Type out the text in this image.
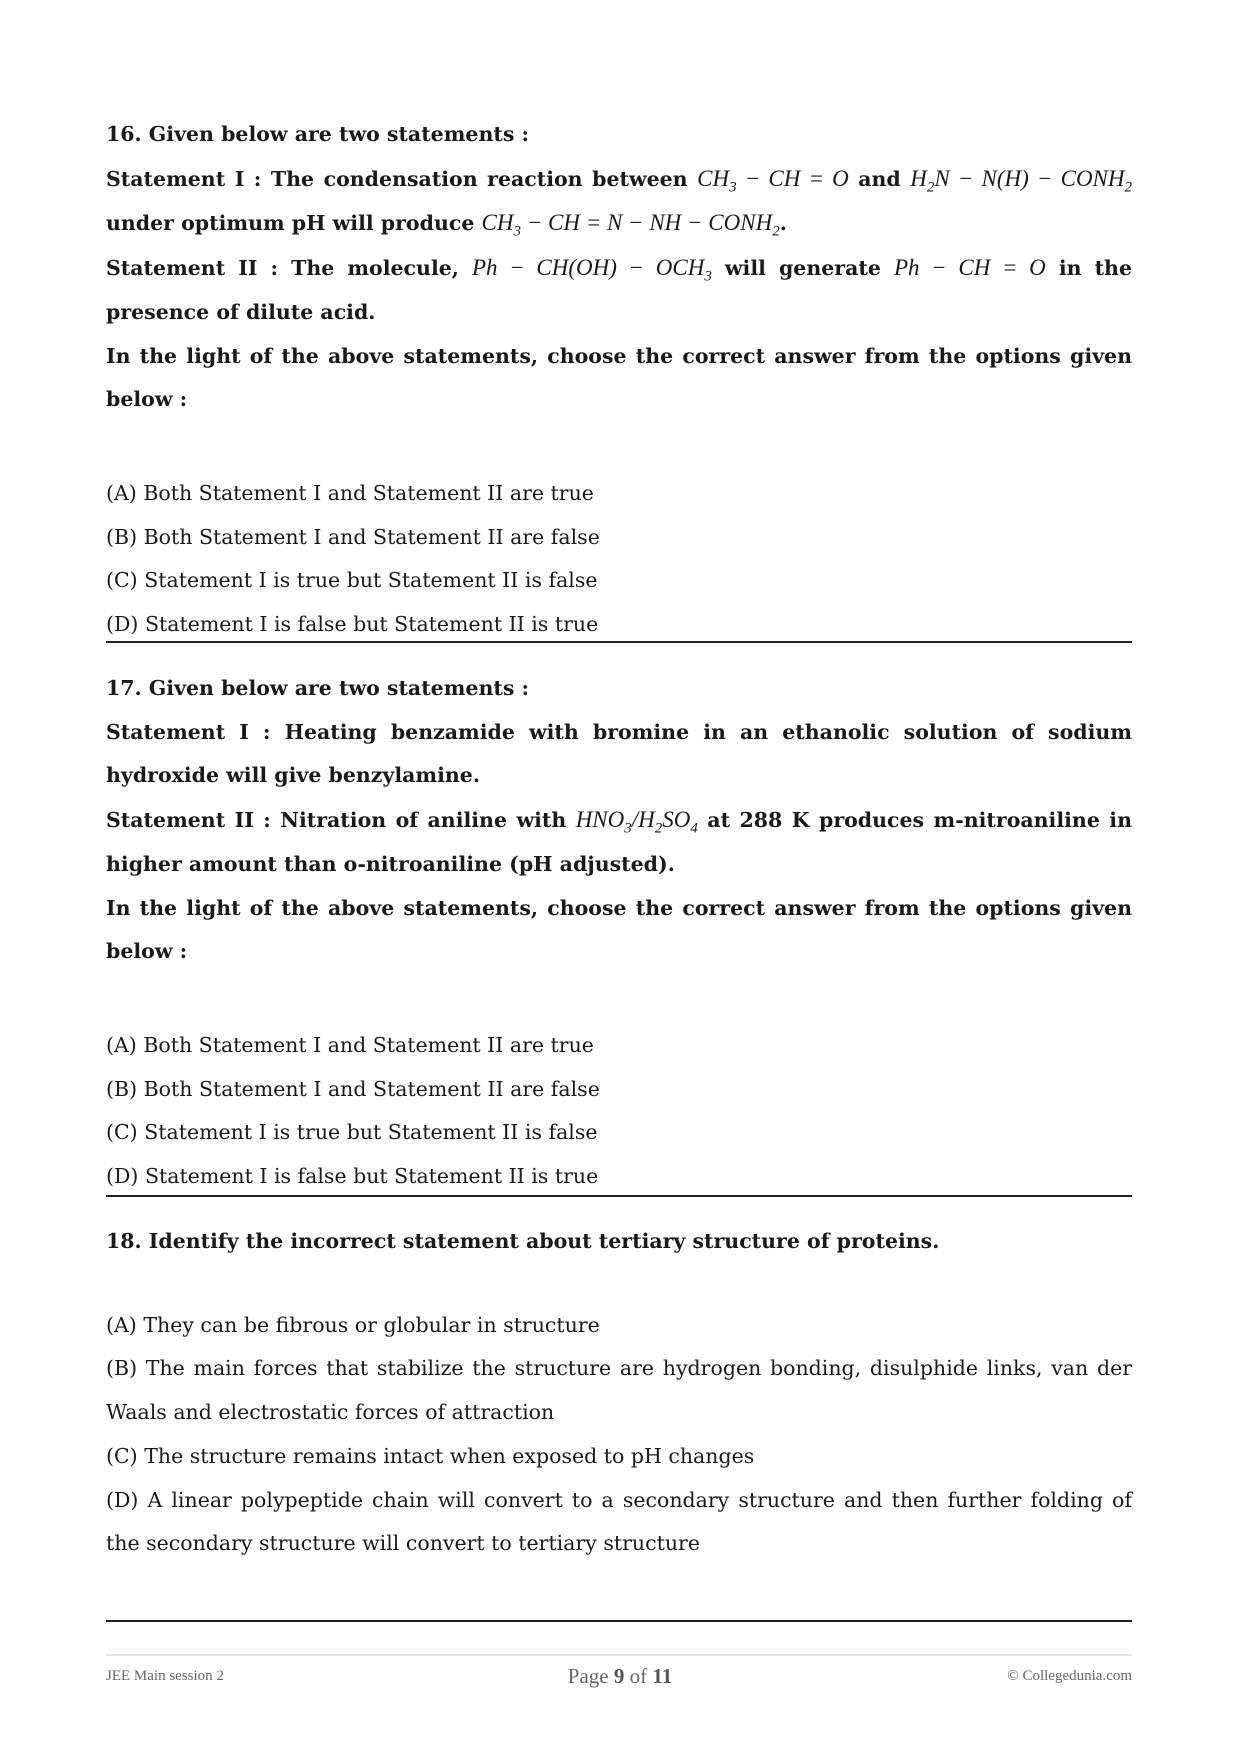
16. Given below are two statements :
Statement I : The condensation reaction between $CH_3$ − CH = O and $H_2N - N(H)$ − $CONH_2$ under optimum pH will produce $CH_3$ − CH = N − NH − $CONH_2$.
Statement II : The molecule, $Ph - CH(OH) - OCH_3$ will generate Ph − CH = O in the presence of dilute acid.
In the light of the above statements, choose the correct answer from the options given below :
(A) Both Statement I and Statement II are true
(B) Both Statement I and Statement II are false
(C) Statement I is true but Statement II is false
(D) Statement I is false but Statement II is true
17. Given below are two statements :
Statement I : Heating benzamide with bromine in an ethanolic solution of sodium hydroxide will give benzylamine.
Statement II : Nitration of aniline with $HNO_3/H_2SO_4$ at 288 K produces m-nitroaniline in higher amount than o-nitroaniline (pH adjusted).
In the light of the above statements, choose the correct answer from the options given below :
(A) Both Statement I and Statement II are true
(B) Both Statement I and Statement II are false
(C) Statement I is true but Statement II is false
(D) Statement I is false but Statement II is true
18. Identify the incorrect statement about tertiary structure of proteins.
(A) They can be fibrous or globular in structure
(B) The main forces that stabilize the structure are hydrogen bonding, disulphide links, van der Waals and electrostatic forces of attraction
(C) The structure remains intact when exposed to pH changes
(D) A linear polypeptide chain will convert to a secondary structure and then further folding of the secondary structure will convert to tertiary structure
JEE Main session 2	Page 9 of 11	© Collegedunia.com
